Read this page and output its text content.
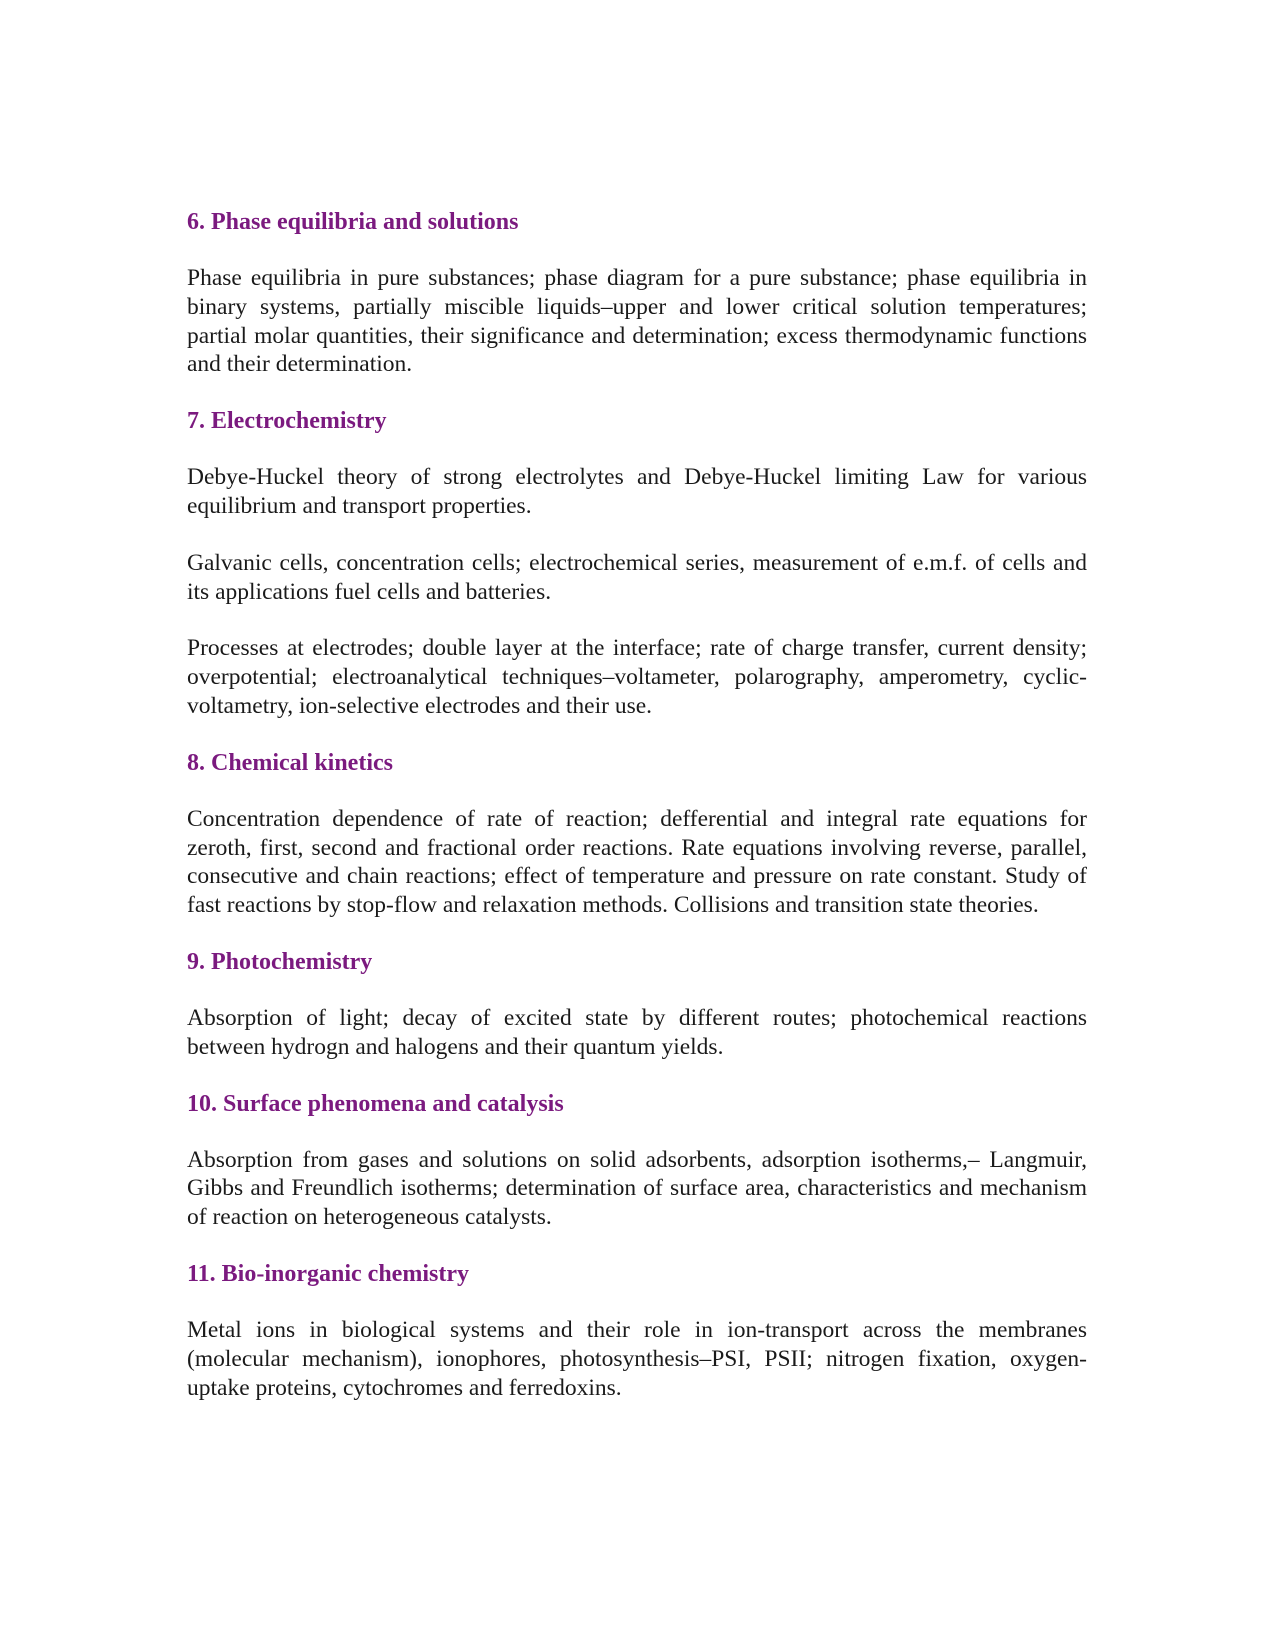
6. Phase equilibria and solutions

Phase equilibria in pure substances; phase diagram for a pure substance; phase equilibria in binary systems, partially miscible liquids–upper and lower critical solution temperatures; partial molar quantities, their significance and determination; excess thermodynamic functions and their determination.

7. Electrochemistry

Debye-Huckel theory of strong electrolytes and Debye-Huckel limiting Law for various equilibrium and transport properties.

Galvanic cells, concentration cells; electrochemical series, measurement of e.m.f. of cells and its applications fuel cells and batteries.

Processes at electrodes; double layer at the interface; rate of charge transfer, current density; overpotential; electroanalytical techniques–voltameter, polarography, amperometry, cyclic-voltametry, ion-selective electrodes and their use.

8. Chemical kinetics

Concentration dependence of rate of reaction; defferential and integral rate equations for zeroth, first, second and fractional order reactions. Rate equations involving reverse, parallel, consecutive and chain reactions; effect of temperature and pressure on rate constant. Study of fast reactions by stop-flow and relaxation methods. Collisions and transition state theories.

9. Photochemistry

Absorption of light; decay of excited state by different routes; photochemical reactions between hydrogn and halogens and their quantum yields.

10. Surface phenomena and catalysis

Absorption from gases and solutions on solid adsorbents, adsorption isotherms,– Langmuir, Gibbs and Freundlich isotherms; determination of surface area, characteristics and mechanism of reaction on heterogeneous catalysts.

11. Bio-inorganic chemistry

Metal ions in biological systems and their role in ion-transport across the membranes (molecular mechanism), ionophores, photosynthesis–PSI, PSII; nitrogen fixation, oxygen-uptake proteins, cytochromes and ferredoxins.
